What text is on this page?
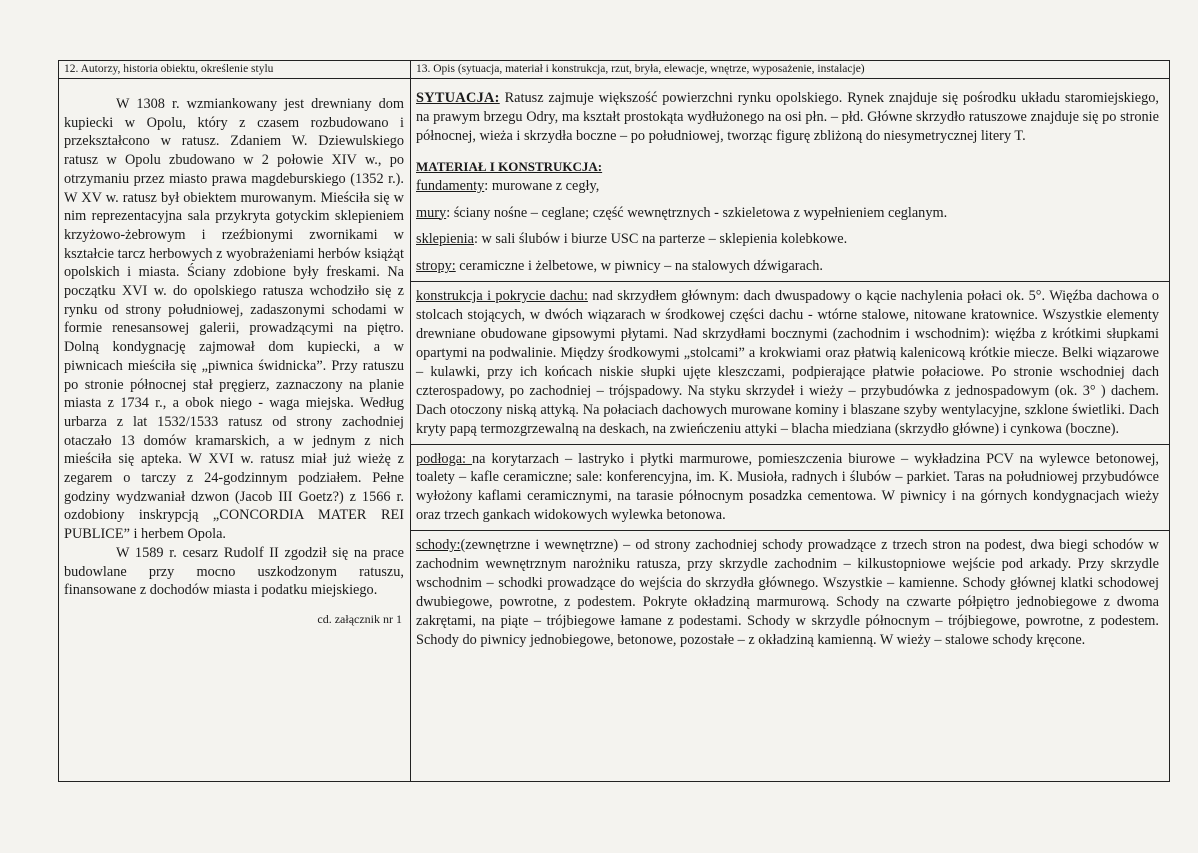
12. Autorzy, historia obiektu, określenie stylu

W 1308 r. wzmiankowany jest drewniany dom kupiecki w Opolu, który z czasem rozbudowano i przekształcono w ratusz. Zdaniem W. Dziewulskiego ratusz w Opolu zbudowano w 2 połowie XIV w., po otrzymaniu przez miasto prawa magdeburskiego (1352 r.). W XV w. ratusz był obiektem murowanym. Mieściła się w nim reprezentacyjna sala przykryta gotyckim sklepieniem krzyżowo-żebrowym i rzeźbionymi zwornikami w kształcie tarcz herbowych z wyobrażeniami herbów książąt opolskich i miasta. Ściany zdobione były freskami. Na początku XVI w. do opolskiego ratusza wchodziło się z rynku od strony południowej, zadaszonymi schodami w formie renesansowej galerii, prowadzącymi na piętro. Dolną kondygnację zajmował dom kupiecki, a w piwnicach mieściła się „piwnica świdnicka”. Przy ratuszu po stronie północnej stał pręgierz, zaznaczony na planie miasta z 1734 r., a obok niego - waga miejska. Według urbarza z lat 1532/1533 ratusz od strony zachodniej otaczało 13 domów kramarskich, a w jednym z nich mieściła się apteka. W XVI w. ratusz miał już wieżę z zegarem o tarczy z 24-godzinnym podziałem. Pełne godziny wydzwaniał dzwon (Jacob III Goetz?) z 1566 r. ozdobiony inskrypcją „CONCORDIA MATER REI PUBLICE” i herbem Opola.

W 1589 r. cesarz Rudolf II zgodził się na prace budowlane przy mocno uszkodzonym ratuszu, finansowane z dochodów miasta i podatku miejskiego.

cd. załącznik nr 1
13. Opis (sytuacja, materiał i konstrukcja, rzut, bryła, elewacje, wnętrze, wyposażenie, instalacje)

SYTUACJA: Ratusz zajmuje większość powierzchni rynku opolskiego. Rynek znajduje się pośrodku układu staromiejskiego, na prawym brzegu Odry, ma kształt prostokąta wydłużonego na osi płn. – płd. Główne skrzydło ratuszowe znajduje się po stronie północnej, wieża i skrzydła boczne – po południowej, tworząc figurę zbliżoną do niesymetrycznej litery T.

MATERIAŁ I KONSTRUKCJA:

fundamenty: murowane z cegły,

mury: ściany nośne – ceglane; część wewnętrznych - szkieletowa z wypełnieniem ceglanym.

sklepienia: w sali ślubów i biurze USC na parterze – sklepienia kolebkowe.

stropy: ceramiczne i żelbetowe, w piwnicy – na stalowych dźwigarach.

konstrukcja i pokrycie dachu: nad skrzydłem głównym: dach dwuspadowy o kącie nachylenia połaci ok. 5°. Więźba dachowa o stolcach stojących, w dwóch wiązarach w środkowej części dachu - wtórne stalowe, nitowane kratownice. Wszystkie elementy drewniane obudowane gipsowymi płytami. Nad skrzydłami bocznymi (zachodnim i wschodnim): więźba z krótkimi słupkami opartymi na podwalinie. Między środkowymi „stolcami” a krokwiami oraz płatwią kalenicową krótkie miecze. Belki wiązarowe – kulawki, przy ich końcach niskie słupki ujęte kleszczami, podpierające płatwie połaciowe. Po stronie wschodniej dach czterospadowy, po zachodniej – trójspadowy. Na styku skrzydeł i wieży – przybudówka z jednospadowym (ok. 3° ) dachem. Dach otoczony niską attyką. Na połaciach dachowych murowane kominy i blaszane szyby wentylacyjne, szklone świetliki. Dach kryty papą termozgrzewalną na deskach, na zwieńczeniu attyki – blacha miedziana (skrzydło główne) i cynkowa (boczne).

podłoga: na korytarzach – lastryko i płytki marmurowe, pomieszczenia biurowe – wykładzina PCV na wylewce betonowej, toalety – kafle ceramiczne; sale: konferencyjna, im. K. Musioła, radnych i ślubów – parkiet. Taras na południowej przybudówce wyłożony kaflami ceramicznymi, na tarasie północnym posadzka cementowa. W piwnicy i na górnych kondygnacjach wieży oraz trzech gankach widokowych wylewka betonowa.

schody:(zewnętrzne i wewnętrzne) – od strony zachodniej schody prowadzące z trzech stron na podest, dwa biegi schodów w zachodnim wewnętrznym narożniku ratusza, przy skrzydle zachodnim – kilkustopniowe wejście pod arkady. Przy skrzydle wschodnim – schodki prowadzące do wejścia do skrzydła głównego. Wszystkie – kamienne. Schody głównej klatki schodowej dwubiegowe, powrotne, z podestem. Pokryte okładziną marmurową. Schody na czwarte półpiętro jednobiegowe z dwoma zakrętami, na piąte – trójbiegowe łamane z podestami. Schody w skrzydle północnym – trójbiegowe, powrotne, z podestem. Schody do piwnicy jednobiegowe, betonowe, pozostałe – z okładziną kamienną. W wieży – stalowe schody kręcone.
